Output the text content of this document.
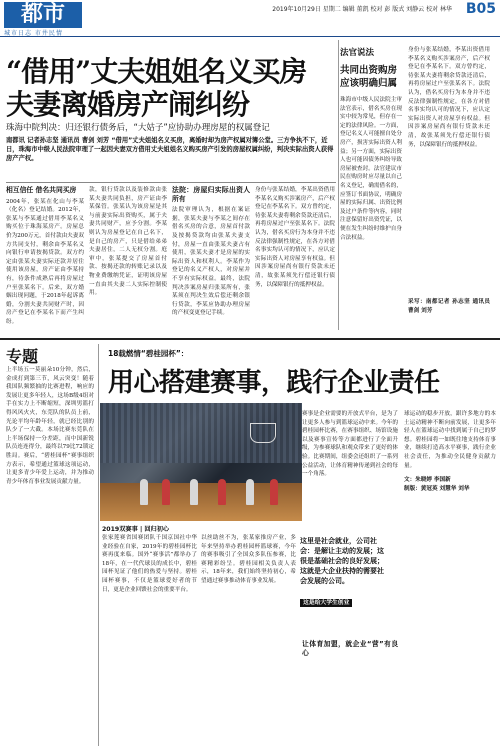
都市
城市日志 市井民情
2019年10月29日 星期二 编辑 董凯 校对 彭 版式 刘静云 校对 林华 B05
“借用”丈夫姐姐名义买房
夫妻离婚房产闹纠纷
珠海中院判决：归还银行债务后，“大姑子”应协助办理房屋的权属登记
南都讯 记者孙志坚 通讯员 曹剑 刘芳 “借用”丈夫姐姐名义买房，离婚时却为房产权属对簿公堂。三方争执不下，近日，珠海市中级人民法院审理了一起因夫妻双方借用丈夫姐姐名义购买房产引发的房屋权属纠纷，判决实际出资人获得房产产权。
相互信任 借名共同买房
2004年，张某在化山与李某（化名）登记结婚。2012年，张某与李某通过借用李某名义购买位于珠海某房产。房屋总价为200万元，首付款由夫妻双方共同支付，剩余由李某名义向银行申请按揭贷款。双方约定由张某夫妻实际还款并居住使用该房屋，房产证由李某持有，待条件成熟后再将房屋过户至张某名下。后来，双方婚姻出现问题，于2018年起诉离婚，分割夫妻共同财产时，因房产登记在李某名下而产生纠纷。
款，银行贷款以及装修款由张某夫妻共同负担，房产证由李某保管。张某认为该房屋是其与前妻实际出资购买，属于夫妻共同财产，应予分割。李某则认为房屋登记在自己名下，是自己的房产，只是借给弟弟夫妻居住，二人无权分割。庭审中，张某提交了房屋首付款、按揭还款的转账记录以及物业费缴纳凭证，证明该房屋一直由其夫妻二人实际控制使用。
法院：房屋归实际出资人所有
法院审理认为，根据在案证据，张某夫妻与李某之间存在借名买房的合意，房屋首付款及按揭贷款均由张某夫妻支付，房屋一直由张某夫妻占有使用，张某夫妻才是房屋的实际出资人和权利人。李某作为登记的名义产权人，对房屋并不享有实际权益。最终，法院判决涉案房屋归张某所有，张某须在判决生效后偿还剩余银行贷款，李某应协助办理房屋的产权变更登记手续。
身份与张某结婚，李某出资借用李某名义购买涉案房产，后产权登记在李某名下。双方曾约定，待张某夫妻将剩余贷款还清后，再将房屋过户至张某名下。法院认为，借名买房行为本身并不违反法律强制性规定，在各方对借名事实均认可的情况下，应认定实际出资人对房屋享有权益。但因涉案房屋尚有银行贷款未还清，故张某须先行偿还银行债务，以保障银行的抵押权益。
法官说法
共同出资购房应该明确归属
珠海市中级人民法院主审法官表示，借名买房在现实中较为常见，但存在一定的法律风险。一方面，登记名义人可能擅自处分房产，损害实际出资人利益；另一方面，实际出资人也可能因债务纠纷导致房屋被查封。法官建议市民在购房时应尽量以自己名义登记，确需借名的，应签订书面协议，明确房屋的实际归属、出资比例及过户条件等内容，同时注意保留好出资凭证，以便在发生纠纷时维护自身合法权益。
身份与张某结婚，李某出资借用李某名义购买涉案房产，后产权登记在李某名下。双方曾约定，待张某夫妻将剩余贷款还清后，再将房屋过户至张某名下。法院认为，借名买房行为本身并不违反法律强制性规定，在各方对借名事实均认可的情况下，应认定实际出资人对房屋享有权益。但因涉案房屋尚有银行贷款未还清，故张某须先行偿还银行债务，以保障银行的抵押权益。
采写：南都记者 孙志坚 通讯员 曹剑 刘芳
专题
上半场五一莫丽朵10分钟，然后，金成打到第三节，风云突变！随着我国队频繁抽的比赛进程，响应的发展让更多年轻人，这场B级4组对手在实力上不断缩短，深圳男篮打得风风火火，东莞队的队员上前，光论平均年龄年轻，就已经比别的队少了一大截。本场比赛东莞队在上半场保持一分差距，而中国新锐队员连连得分，最终以79比72锁定胜局。赛后，“碧桂园杯”赛事组织方表示，希望通过篮球这项运动，让更多青少年爱上运动，并为推动青少年体育事业发展贡献力量。
18载燃情“碧桂园杯”：
用心搭建赛事，践行企业责任
2019双赛事 | 回归初心
张家莲赛省国赛团队千国京国社中华业经验在自家，2019年的碧桂园杯比赛再度来临。国外“赛事活”都举办了18年，在一代代球员的成长中，碧桂园杯见证了他们的热爱与坚持。碧桂园杯赛事，不仅是篮球爱好者的节日，更是企业回馈社会的重要平台。
以丝助丝不为，张某家推房产业，多年来坚持举办碧桂园杯篮球赛，今年的赛事吸引了全国众多队伍参赛，比赛精彩纷呈。碧桂园相关负责人表示，18年来，我们始终坚持初心，希望通过赛事推动体育事业发展。
这里是社会就业，公司社会：是解让主动的发展；这很是基础社会的良好发展；这就是大企业扶持的需要社会发展的公司。
这是给大学生创业
赛事是企业需要的开放式平台，是为了让更多人参与到篮球运动中来。今年的碧桂园杯比赛，在赛事组织、场馆设施以及赛事宣传等方面都进行了全面升级，为参赛球队和观众带来了更好的体验。比赛期间，组委会还组织了一系列公益活动，让体育精神传递到社会的每一个角落。
让体育加盟，就企业“营”有良心
球运动的稳步开放，跟许多地方的本土运动精神不断向前发展，让更多年轻人在篮球运动中找到属于自己的梦想。碧桂园将一如既往地支持体育事业，继续打造高水平赛事，践行企业社会责任，为推动全民健身贡献力量。
文：朱晓婷 李国新
制版：黄冠英 刘慧华 刘华
